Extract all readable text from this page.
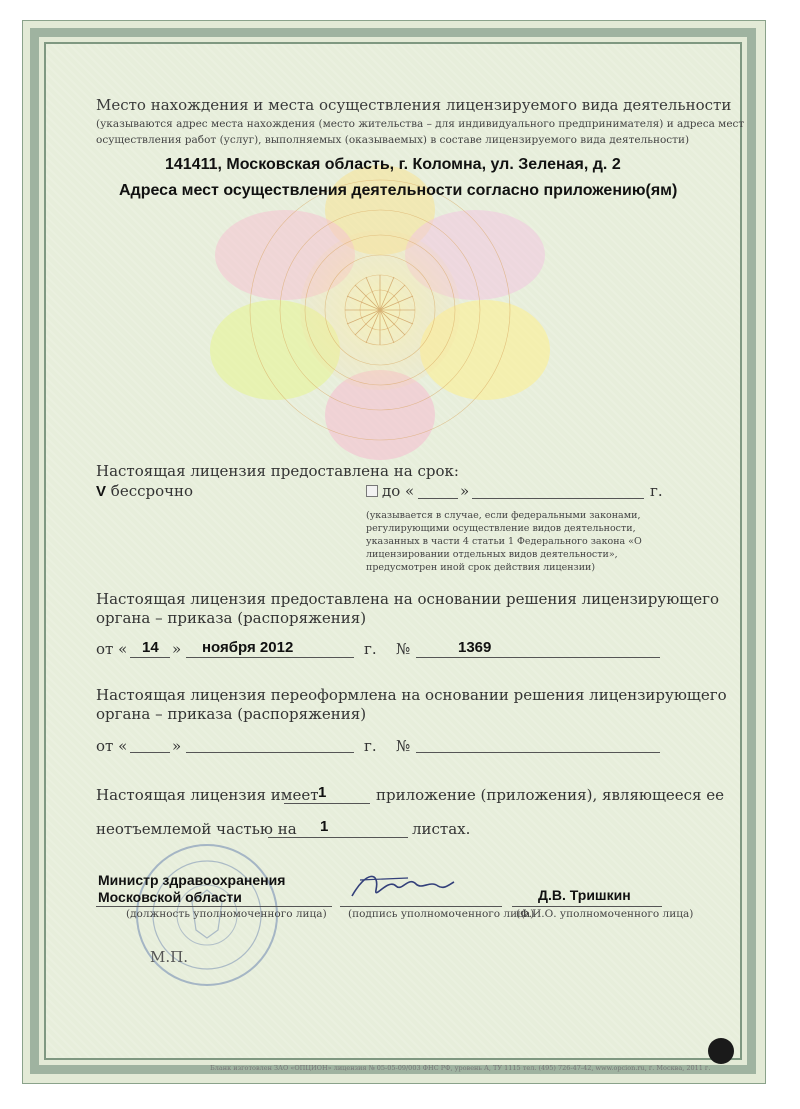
Место нахождения и места осуществления лицензируемого вида деятельности
(указываются адрес места нахождения (место жительства – для индивидуального предпринимателя) и адреса мест
осуществления работ (услуг), выполняемых (оказываемых) в составе лицензируемого вида деятельности)
141411, Московская область, г. Коломна, ул. Зеленая, д. 2
Адреса мест осуществления деятельности согласно приложению(ям)
Настоящая лицензия предоставлена на срок:
V бессрочно	до «	»	г.
(указывается в случае, если федеральными законами, регулирующими осуществление видов деятельности, указанных в части 4 статьи 1 Федерального закона «О лицензировании отдельных видов деятельности», предусмотрен иной срок действия лицензии)
Настоящая лицензия предоставлена на основании решения лицензирующего
органа – приказа (распоряжения)
от « 14 » ноября 2012	г. №	1369
Настоящая лицензия переоформлена на основании решения лицензирующего
органа – приказа (распоряжения)
от «	»	г. №
Настоящая лицензия имеет 1	приложение (приложения), являющееся ее
неотъемлемой частью на 1	листах.
Министр здравоохранения
Московской области
(должность уполномоченного лица) (подпись уполномоченного лица)
Д.В. Тришкин
(Ф.И.О. уполномоченного лица)
М.П.
Бланк изготовлен ЗАО «ОПЦИОН» лицензия № 05-05-09/003 ФНС РФ, уровень А, ТУ 1115 тел. (495) 726-47-42, www.opcion.ru, г. Москва, 2011 г.
